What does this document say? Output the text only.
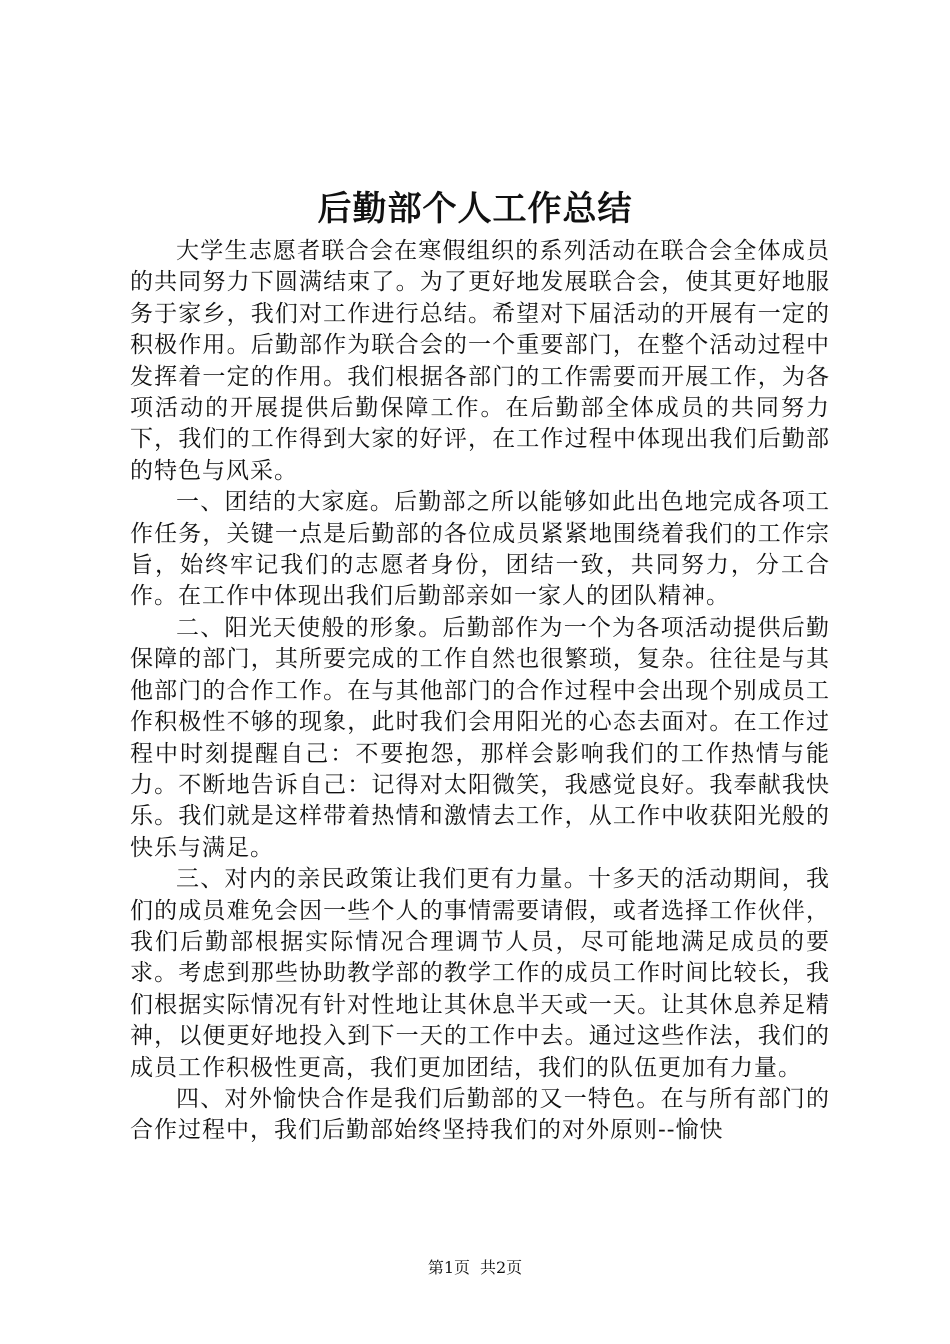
后勤部个人工作总结

大学生志愿者联合会在寒假组织的系列活动在联合会全体成员的共同努力下圆满结束了。为了更好地发展联合会，使其更好地服务于家乡，我们对工作进行总结。希望对下届活动的开展有一定的积极作用。后勤部作为联合会的一个重要部门，在整个活动过程中发挥着一定的作用。我们根据各部门的工作需要而开展工作，为各项活动的开展提供后勤保障工作。在后勤部全体成员的共同努力下，我们的工作得到大家的好评，在工作过程中体现出我们后勤部的特色与风采。

一、团结的大家庭。后勤部之所以能够如此出色地完成各项工作任务，关键一点是后勤部的各位成员紧紧地围绕着我们的工作宗旨，始终牢记我们的志愿者身份，团结一致，共同努力，分工合作。在工作中体现出我们后勤部亲如一家人的团队精神。

二、阳光天使般的形象。后勤部作为一个为各项活动提供后勤保障的部门，其所要完成的工作自然也很繁琐，复杂。往往是与其他部门的合作工作。在与其他部门的合作过程中会出现个别成员工作积极性不够的现象，此时我们会用阳光的心态去面对。在工作过程中时刻提醒自己：不要抱怨，那样会影响我们的工作热情与能力。不断地告诉自己：记得对太阳微笑，我感觉良好。我奉献我快乐。我们就是这样带着热情和激情去工作，从工作中收获阳光般的快乐与满足。

三、对内的亲民政策让我们更有力量。十多天的活动期间，我们的成员难免会因一些个人的事情需要请假，或者选择工作伙伴，我们后勤部根据实际情况合理调节人员，尽可能地满足成员的要求。考虑到那些协助教学部的教学工作的成员工作时间比较长，我们根据实际情况有针对性地让其休息半天或一天。让其休息养足精神，以便更好地投入到下一天的工作中去。通过这些作法，我们的成员工作积极性更高，我们更加团结，我们的队伍更加有力量。

四、对外愉快合作是我们后勤部的又一特色。在与所有部门的合作过程中，我们后勤部始终坚持我们的对外原则--愉快

第1页 共2页
